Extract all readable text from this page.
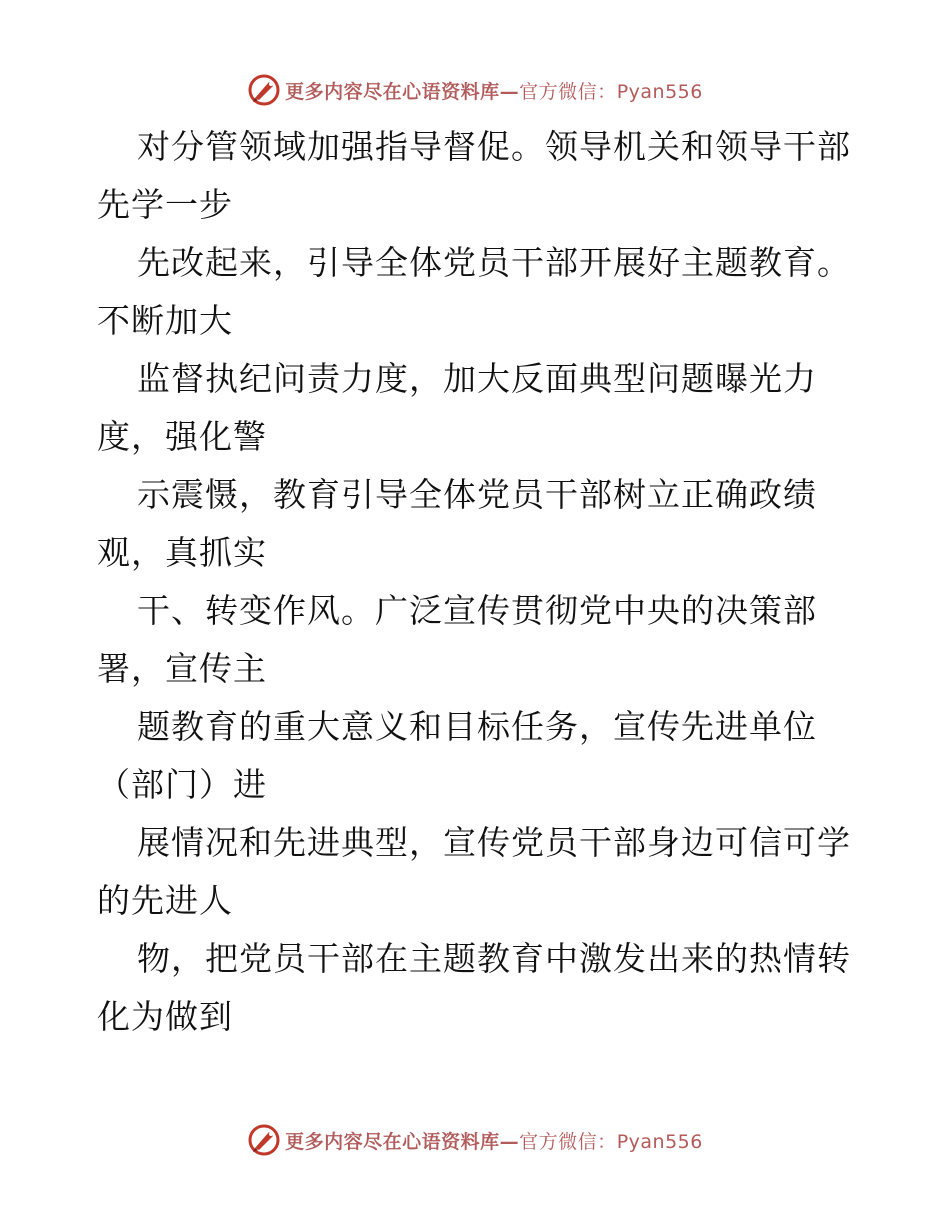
更多内容尽在心语资料库—官方微信：Pyan556
对分管领域加强指导督促。领导机关和领导干部
先学一步
先改起来，引导全体党员干部开展好主题教育。
不断加大
监督执纪问责力度，加大反面典型问题曝光力
度，强化警
示震慑，教育引导全体党员干部树立正确政绩
观，真抓实
干、转变作风。广泛宣传贯彻党中央的决策部
署，宣传主
题教育的重大意义和目标任务，宣传先进单位
（部门）进
展情况和先进典型，宣传党员干部身边可信可学
的先进人
物，把党员干部在主题教育中激发出来的热情转
化为做到
更多内容尽在心语资料库—官方微信：Pyan556
